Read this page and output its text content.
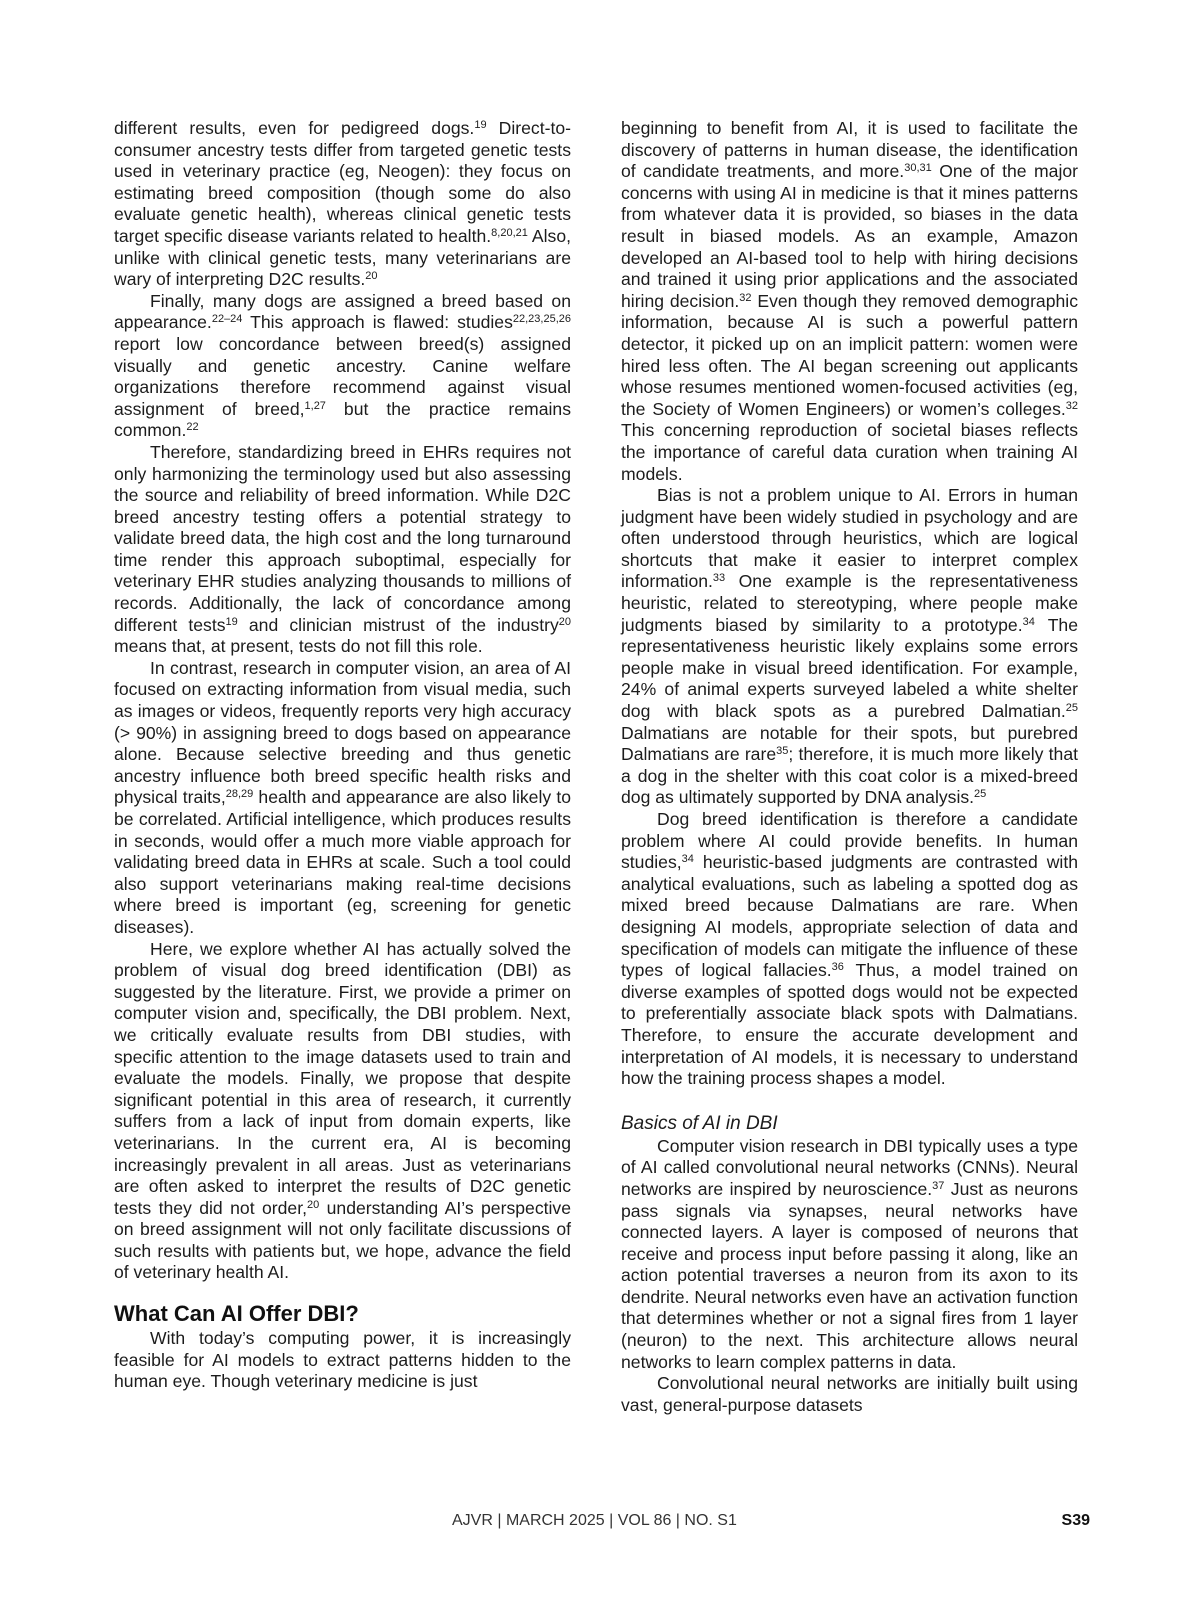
different results, even for pedigreed dogs.$^{19}$ Direct-to-consumer ancestry tests differ from targeted genetic tests used in veterinary practice (eg, Neogen): they focus on estimating breed composition (though some do also evaluate genetic health), whereas clinical genetic tests target specific disease variants related to health.$^{8,20,21}$ Also, unlike with clinical genetic tests, many veterinarians are wary of interpreting D2C results.$^{20}$

Finally, many dogs are assigned a breed based on appearance.$^{22-24}$ This approach is flawed: studies$^{22,23,25,26}$ report low concordance between breed(s) assigned visually and genetic ancestry. Canine welfare organizations therefore recommend against visual assignment of breed,$^{1,27}$ but the practice remains common.$^{22}$

Therefore, standardizing breed in EHRs requires not only harmonizing the terminology used but also assessing the source and reliability of breed information. While D2C breed ancestry testing offers a potential strategy to validate breed data, the high cost and the long turnaround time render this approach suboptimal, especially for veterinary EHR studies analyzing thousands to millions of records. Additionally, the lack of concordance among different tests$^{19}$ and clinician mistrust of the industry$^{20}$ means that, at present, tests do not fill this role.

In contrast, research in computer vision, an area of AI focused on extracting information from visual media, such as images or videos, frequently reports very high accuracy (> 90%) in assigning breed to dogs based on appearance alone. Because selective breeding and thus genetic ancestry influence both breed specific health risks and physical traits,$^{28,29}$ health and appearance are also likely to be correlated. Artificial intelligence, which produces results in seconds, would offer a much more viable approach for validating breed data in EHRs at scale. Such a tool could also support veterinarians making real-time decisions where breed is important (eg, screening for genetic diseases).

Here, we explore whether AI has actually solved the problem of visual dog breed identification (DBI) as suggested by the literature. First, we provide a primer on computer vision and, specifically, the DBI problem. Next, we critically evaluate results from DBI studies, with specific attention to the image datasets used to train and evaluate the models. Finally, we propose that despite significant potential in this area of research, it currently suffers from a lack of input from domain experts, like veterinarians. In the current era, AI is becoming increasingly prevalent in all areas. Just as veterinarians are often asked to interpret the results of D2C genetic tests they did not order,$^{20}$ understanding AI’s perspective on breed assignment will not only facilitate discussions of such results with patients but, we hope, advance the field of veterinary health AI.

What Can AI Offer DBI?

With today’s computing power, it is increasingly feasible for AI models to extract patterns hidden to the human eye. Though veterinary medicine is just

beginning to benefit from AI, it is used to facilitate the discovery of patterns in human disease, the identification of candidate treatments, and more.$^{30,31}$ One of the major concerns with using AI in medicine is that it mines patterns from whatever data it is provided, so biases in the data result in biased models. As an example, Amazon developed an AI-based tool to help with hiring decisions and trained it using prior applications and the associated hiring decision.$^{32}$ Even though they removed demographic information, because AI is such a powerful pattern detector, it picked up on an implicit pattern: women were hired less often. The AI began screening out applicants whose resumes mentioned women-focused activities (eg, the Society of Women Engineers) or women’s colleges.$^{32}$ This concerning reproduction of societal biases reflects the importance of careful data curation when training AI models.

Bias is not a problem unique to AI. Errors in human judgment have been widely studied in psychology and are often understood through heuristics, which are logical shortcuts that make it easier to interpret complex information.$^{33}$ One example is the representativeness heuristic, related to stereotyping, where people make judgments biased by similarity to a prototype.$^{34}$ The representativeness heuristic likely explains some errors people make in visual breed identification. For example, 24% of animal experts surveyed labeled a white shelter dog with black spots as a purebred Dalmatian.$^{25}$ Dalmatians are notable for their spots, but purebred Dalmatians are rare$^{35}$; therefore, it is much more likely that a dog in the shelter with this coat color is a mixed-breed dog as ultimately supported by DNA analysis.$^{25}$

Dog breed identification is therefore a candidate problem where AI could provide benefits. In human studies,$^{34}$ heuristic-based judgments are contrasted with analytical evaluations, such as labeling a spotted dog as mixed breed because Dalmatians are rare. When designing AI models, appropriate selection of data and specification of models can mitigate the influence of these types of logical fallacies.$^{36}$ Thus, a model trained on diverse examples of spotted dogs would not be expected to preferentially associate black spots with Dalmatians. Therefore, to ensure the accurate development and interpretation of AI models, it is necessary to understand how the training process shapes a model.

Basics of AI in DBI

Computer vision research in DBI typically uses a type of AI called convolutional neural networks (CNNs). Neural networks are inspired by neuroscience.$^{37}$ Just as neurons pass signals via synapses, neural networks have connected layers. A layer is composed of neurons that receive and process input before passing it along, like an action potential traverses a neuron from its axon to its dendrite. Neural networks even have an activation function that determines whether or not a signal fires from 1 layer (neuron) to the next. This architecture allows neural networks to learn complex patterns in data.

Convolutional neural networks are initially built using vast, general-purpose datasets

AJVR | MARCH 2025 | VOL 86 | NO. S1	S39
